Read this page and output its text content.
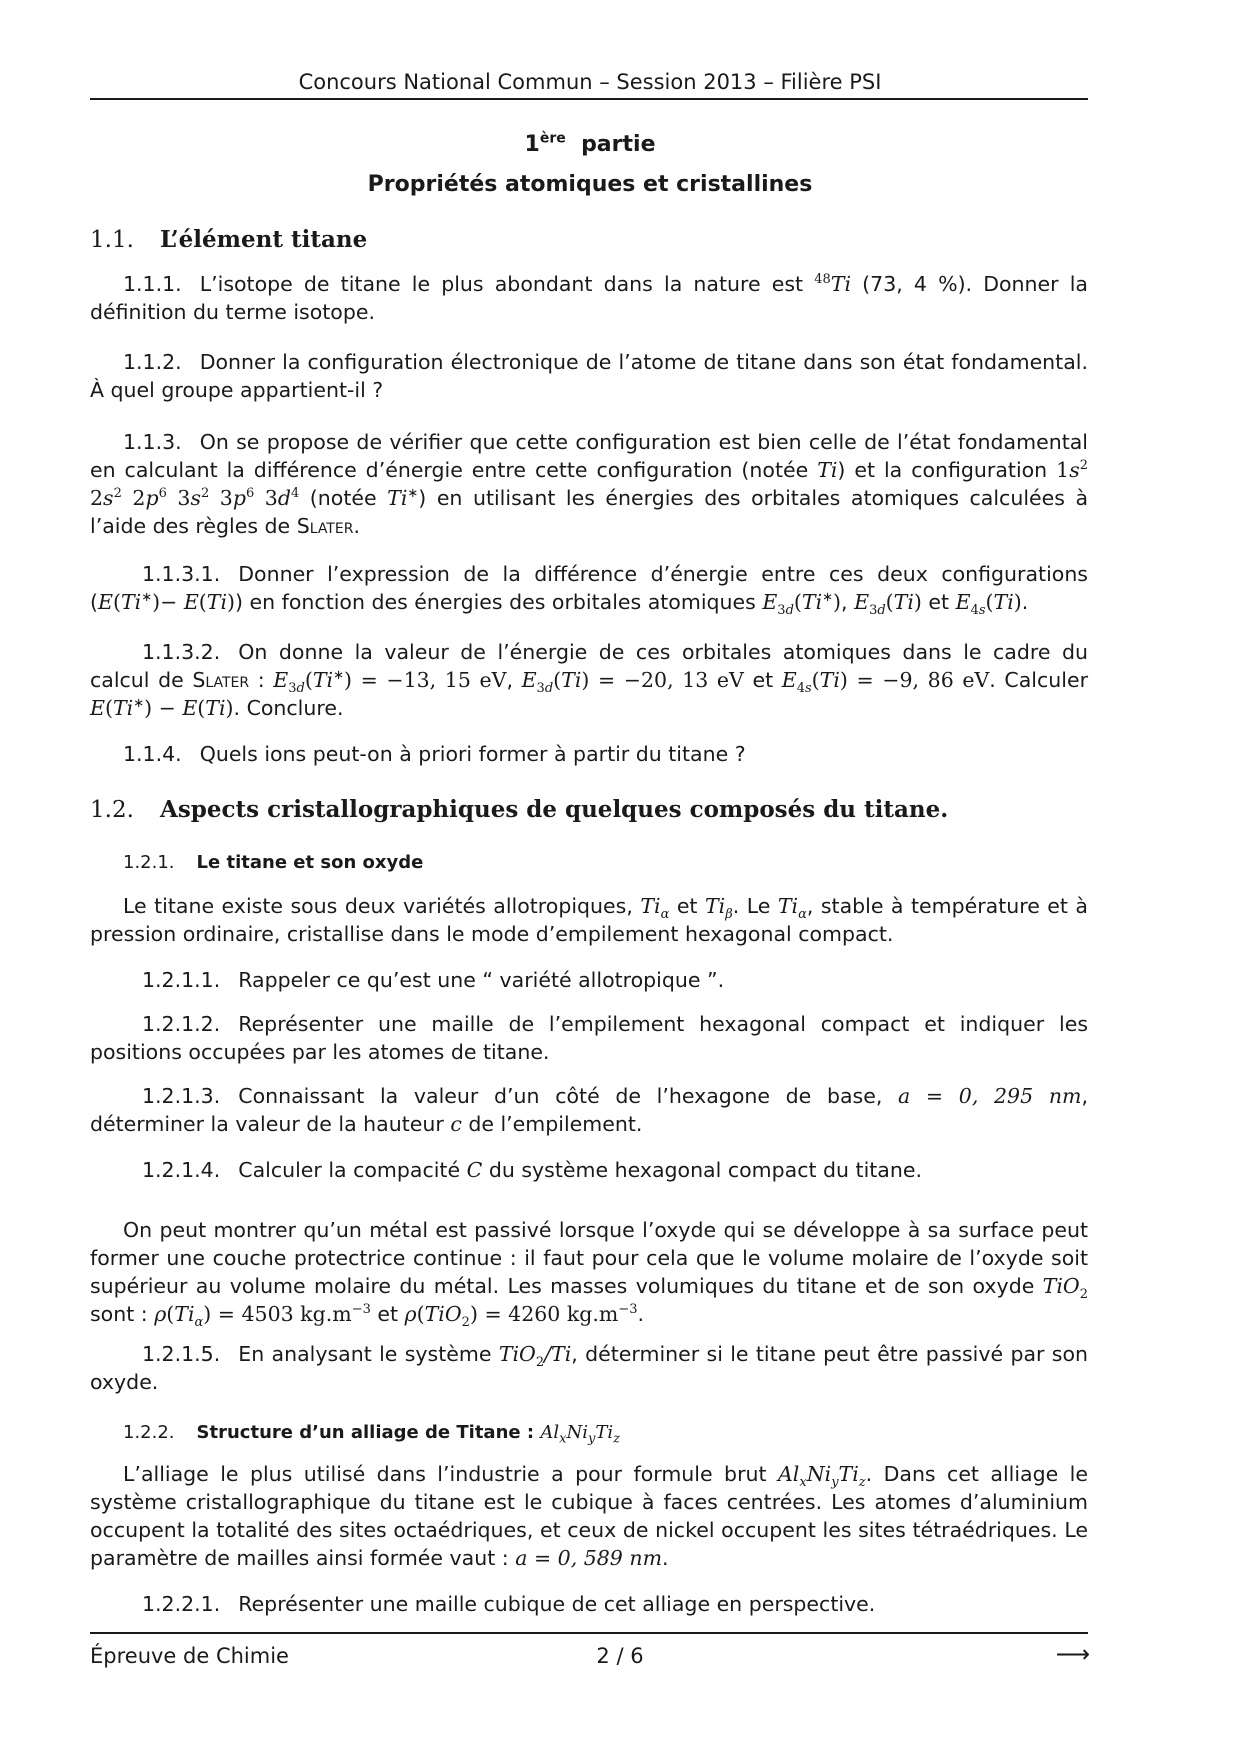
Concours National Commun – Session 2013 – Filière PSI
1ère partie
Propriétés atomiques et cristallines
1.1. L’élément titane
1.1.1. L’isotope de titane le plus abondant dans la nature est $^{48}$Ti (73, 4 %). Donner la définition du terme isotope.
1.1.2. Donner la configuration électronique de l’atome de titane dans son état fondamental. À quel groupe appartient-il ?
1.1.3. On se propose de vérifier que cette configuration est bien celle de l’état fondamental en calculant la différence d’énergie entre cette configuration (notée Ti) et la configuration $1s^2$ $2s^2$ $2p^6$ $3s^2$ $3p^6$ $3d^4$ (notée Ti∗) en utilisant les énergies des orbitales atomiques calculées à l’aide des règles de Slater.
1.1.3.1. Donner l’expression de la différence d’énergie entre ces deux configurations (E(Ti∗)− E(Ti)) en fonction des énergies des orbitales atomiques $E_{3d}(Ti^∗)$, $E_{3d}(Ti)$ et $E_{4s}(Ti)$.
1.1.3.2. On donne la valeur de l’énergie de ces orbitales atomiques dans le cadre du calcul de Slater : $E_{3d}(Ti^∗) = -13$, 15 eV, $E_{3d}(Ti) = -20$, 13 eV et $E_{4s}(Ti) = -9$, 86 eV. Calculer E(Ti∗) − E(Ti). Conclure.
1.1.4. Quels ions peut-on à priori former à partir du titane ?
1.2. Aspects cristallographiques de quelques composés du titane.
1.2.1. Le titane et son oxyde
Le titane existe sous deux variétés allotropiques, $Ti_\alpha$ et $Ti_\beta$. Le $Ti_\alpha$, stable à température et à pression ordinaire, cristallise dans le mode d’empilement hexagonal compact.
1.2.1.1. Rappeler ce qu’est une “ variété allotropique ”.
1.2.1.2. Représenter une maille de l’empilement hexagonal compact et indiquer les positions occupées par les atomes de titane.
1.2.1.3. Connaissant la valeur d’un côté de l’hexagone de base, a = 0, 295 nm, déterminer la valeur de la hauteur c de l’empilement.
1.2.1.4. Calculer la compacité C du système hexagonal compact du titane.
On peut montrer qu’un métal est passivé lorsque l’oxyde qui se développe à sa surface peut former une couche protectrice continue : il faut pour cela que le volume molaire de l’oxyde soit supérieur au volume molaire du métal. Les masses volumiques du titane et de son oxyde TiO$_2$ sont : $\rho(Ti_\alpha) = 4503$ $kg.m^{-3}$ et ρ(TiO$_2$) = 4260 $kg.m^{-3}$.
1.2.1.5. En analysant le système TiO$_2$/Ti, déterminer si le titane peut être passivé par son oxyde.
1.2.2. Structure d’un alliage de Titane : $Al_xNi_yTi_z$
L’alliage le plus utilisé dans l’industrie a pour formule brut $Al_xNi_yTi_z$. Dans cet alliage le système cristallographique du titane est le cubique à faces centrées. Les atomes d’aluminium occupent la totalité des sites octaédriques, et ceux de nickel occupent les sites tétraédriques. Le paramètre de mailles ainsi formée vaut : a = 0, 589 nm.
1.2.2.1. Représenter une maille cubique de cet alliage en perspective.
Épreuve de Chimie	2 / 6	⟶
